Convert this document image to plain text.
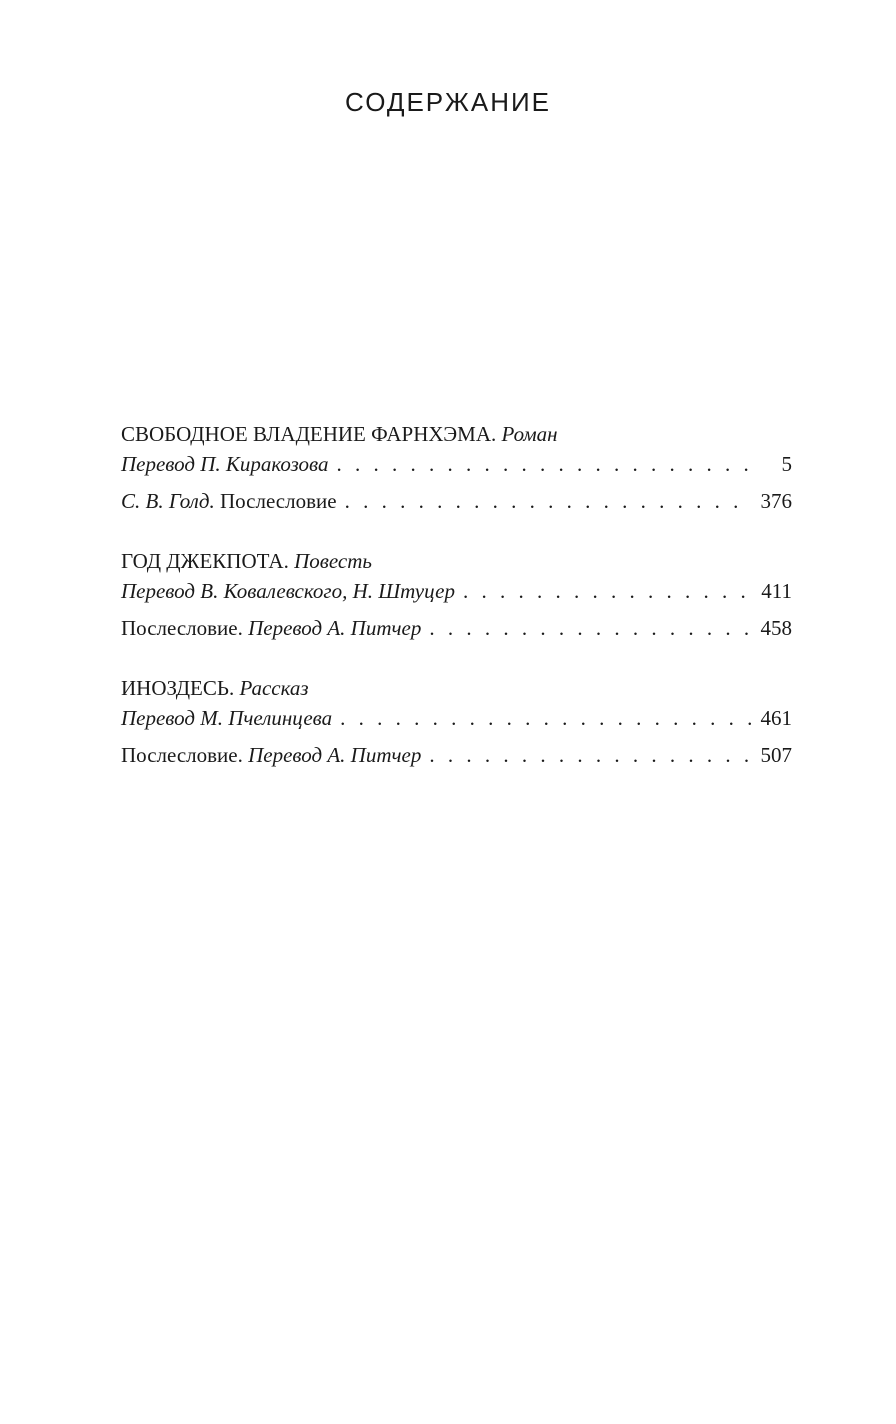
СОДЕРЖАНИЕ
СВОБОДНОЕ ВЛАДЕНИЕ ФАРНХЭМА. Роман
Перевод П. Киракозова . . .	5
С. В. Голд. Послесловие . . .	376
ГОД ДЖЕКПОТА. Повесть
Перевод В. Ковалевского, Н. Штуцер . . .	411
Послесловие. Перевод А. Питчер . . .	458
ИНОЗДЕСЬ. Рассказ
Перевод М. Пчелинцева . . .	461
Послесловие. Перевод А. Питчер . . .	507
